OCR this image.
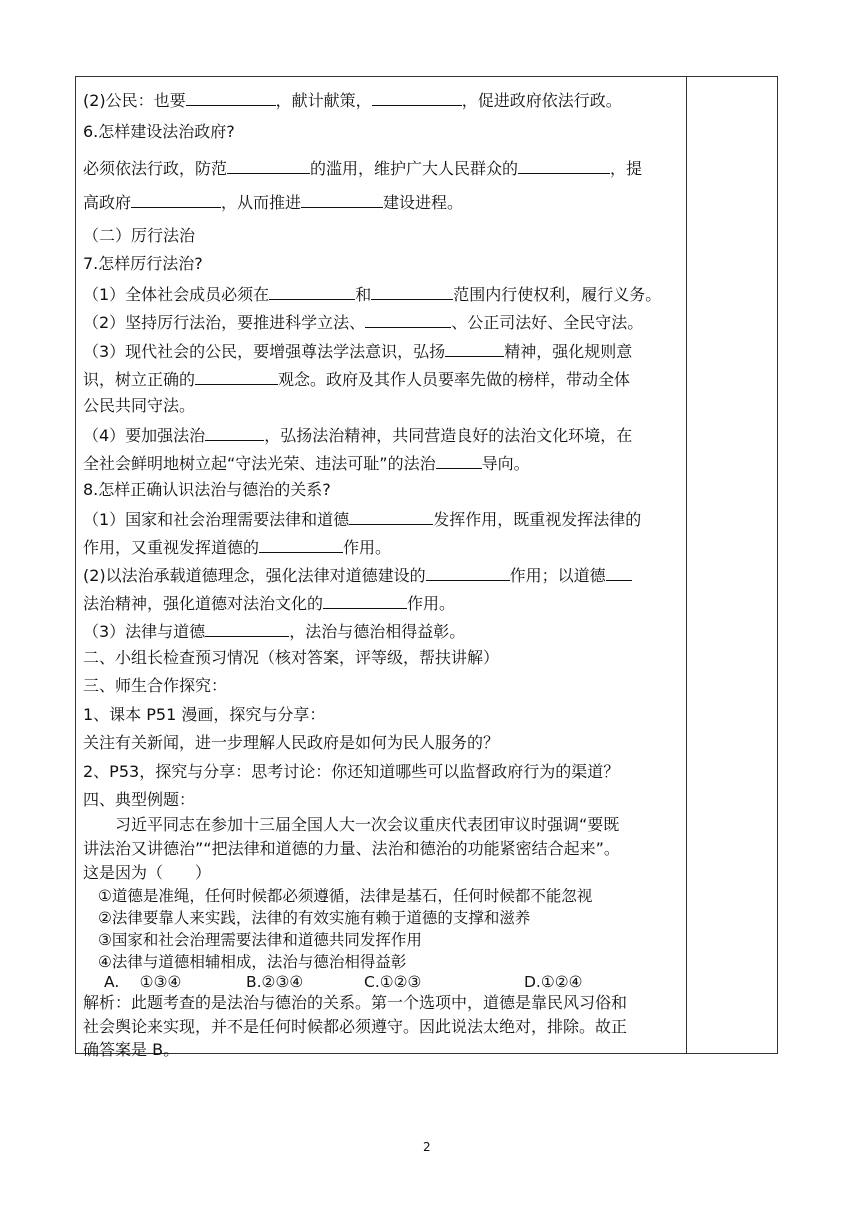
(2)公民：也要	，献计献策，	，促进政府依法行政。
6.怎样建设法治政府?
必须依法行政，防范	的滥用，维护广大人民群众的	，提
高政府	，从而推进	建设进程。
（二）厉行法治
7.怎样厉行法治?
（1）全体社会成员必须在	和	范围内行使权利，履行义务。
（2）坚持厉行法治，要推进科学立法、	、公正司法好、全民守法。
（3）现代社会的公民，要增强尊法学法意识，弘扬	精神，强化规则意
识，树立正确的	观念。政府及其作人员要率先做的榜样，带动全体
公民共同守法。
（4）要加强法治	，弘扬法治精神，共同营造良好的法治文化环境，在
全社会鲜明地树立起“守法光荣、违法可耻”的法治	导向。
8.怎样正确认识法治与德治的关系?
（1）国家和社会治理需要法律和道德	发挥作用，既重视发挥法律的
作用，又重视发挥道德的	作用。
(2)以法治承载道德理念，强化法律对道德建设的	作用；以道德
法治精神，强化道德对法治文化的	作用。
（3）法律与道德	，法治与德治相得益彰。
二、小组长检查预习情况（核对答案，评等级，帮扶讲解）
三、师生合作探究：
1、课本 P51 漫画，探究与分享：
关注有关新闻，进一步理解人民政府是如何为民人服务的？
2、P53，探究与分享：思考讨论：你还知道哪些可以监督政府行为的渠道？
四、典型例题：
习近平同志在参加十三届全国人大一次会议重庆代表团审议时强调“要既
讲法治又讲德治”“把法律和道德的力量、法治和德治的功能紧密结合起来”。
这是因为（　　）
①道德是准绳，任何时候都必须遵循，法律是基石，任何时候都不能忽视
②法律要靠人来实践，法律的有效实施有赖于道德的支撑和滋养
③国家和社会治理需要法律和道德共同发挥作用
④法律与道德相辅相成，法治与德治相得益彰
A.　 ①③④	B.②③④	C.①②③	D.①②④
解析：此题考查的是法治与德治的关系。第一个选项中，道德是靠民风习俗和
社会舆论来实现，并不是任何时候都必须遵守。因此说法太绝对，排除。故正
确答案是 B。
2
